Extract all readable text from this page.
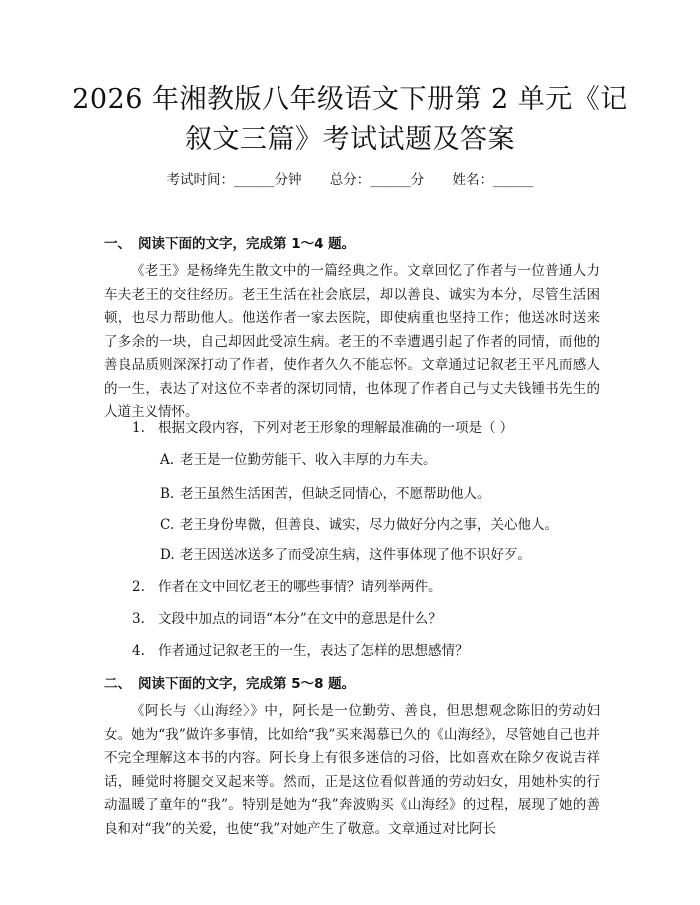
2026 年湘教版八年级语文下册第 2 单元《记
叙文三篇》考试试题及答案
考试时间：______分钟 总分：______分 姓名：______
一、 阅读下面的文字，完成第 1～4 题。
《老王》是杨绛先生散文中的一篇经典之作。文章回忆了作者与一位普通人力车夫老王的交往经历。老王生活在社会底层，却以善良、诚实为本分，尽管生活困顿，也尽力帮助他人。他送作者一家去医院，即使病重也坚持工作；他送冰时送来了多余的一块，自己却因此受凉生病。老王的不幸遭遇引起了作者的同情，而他的善良品质则深深打动了作者，使作者久久不能忘怀。文章通过记叙老王平凡而感人的一生，表达了对这位不幸者的深切同情，也体现了作者自己与丈夫钱锺书先生的人道主义情怀。
1. 根据文段内容，下列对老王形象的理解最准确的一项是（ ）
A. 老王是一位勤劳能干、收入丰厚的力车夫。
B. 老王虽然生活困苦，但缺乏同情心，不愿帮助他人。
C. 老王身份卑微，但善良、诚实，尽力做好分内之事，关心他人。
D. 老王因送冰送多了而受凉生病，这件事体现了他不识好歹。
2. 作者在文中回忆老王的哪些事情？请列举两件。
3. 文段中加点的词语“本分”在文中的意思是什么？
4. 作者通过记叙老王的一生，表达了怎样的思想感情？
二、 阅读下面的文字，完成第 5～8 题。
《阿长与〈山海经〉》中，阿长是一位勤劳、善良，但思想观念陈旧的劳动妇女。她为“我”做许多事情，比如给“我”买来渴慕已久的《山海经》，尽管她自己也并不完全理解这本书的内容。阿长身上有很多迷信的习俗，比如喜欢在除夕夜说吉祥话，睡觉时将腿交叉起来等。然而，正是这位看似普通的劳动妇女，用她朴实的行动温暖了童年的“我”。特别是她为“我”奔波购买《山海经》的过程，展现了她的善良和对“我”的关爱，也使“我”对她产生了敬意。文章通过对比阿长
